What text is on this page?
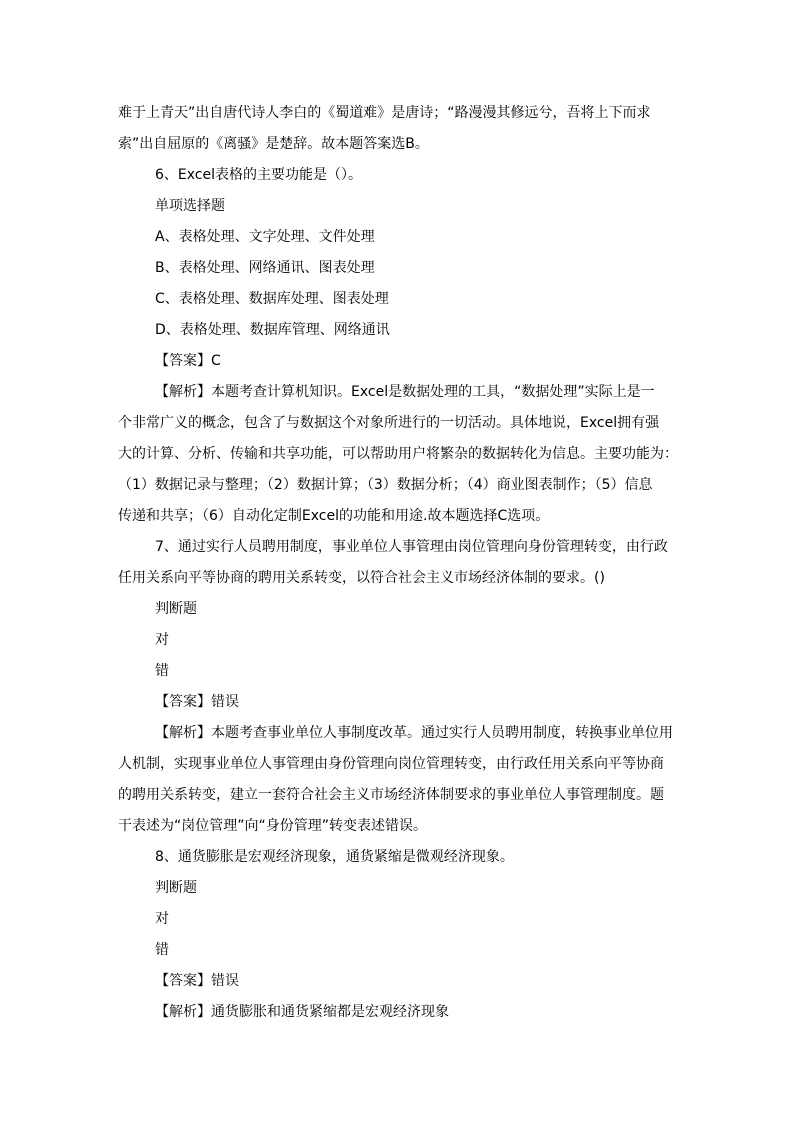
难于上青天”出自唐代诗人李白的《蜀道难》是唐诗；“路漫漫其修远兮，吾将上下而求
索”出自屈原的《离骚》是楚辞。故本题答案选B。
6、Excel表格的主要功能是（）。
单项选择题
A、表格处理、文字处理、文件处理
B、表格处理、网络通讯、图表处理
C、表格处理、数据库处理、图表处理
D、表格处理、数据库管理、网络通讯
【答案】C
【解析】本题考查计算机知识。Excel是数据处理的工具，“数据处理”实际上是一
个非常广义的概念，包含了与数据这个对象所进行的一切活动。具体地说，Excel拥有强
大的计算、分析、传输和共享功能，可以帮助用户将繁杂的数据转化为信息。主要功能为：
（1）数据记录与整理；（2）数据计算；（3）数据分析；（4）商业图表制作；（5）信息
传递和共享；（6）自动化定制Excel的功能和用途.故本题选择C选项。
7、通过实行人员聘用制度，事业单位人事管理由岗位管理向身份管理转变，由行政
任用关系向平等协商的聘用关系转变，以符合社会主义市场经济体制的要求。()
判断题
对
错
【答案】错误
【解析】本题考查事业单位人事制度改革。通过实行人员聘用制度，转换事业单位用
人机制，实现事业单位人事管理由身份管理向岗位管理转变，由行政任用关系向平等协商
的聘用关系转变，建立一套符合社会主义市场经济体制要求的事业单位人事管理制度。题
干表述为“岗位管理”向“身份管理”转变表述错误。
8、通货膨胀是宏观经济现象，通货紧缩是微观经济现象。
判断题
对
错
【答案】错误
【解析】通货膨胀和通货紧缩都是宏观经济现象
